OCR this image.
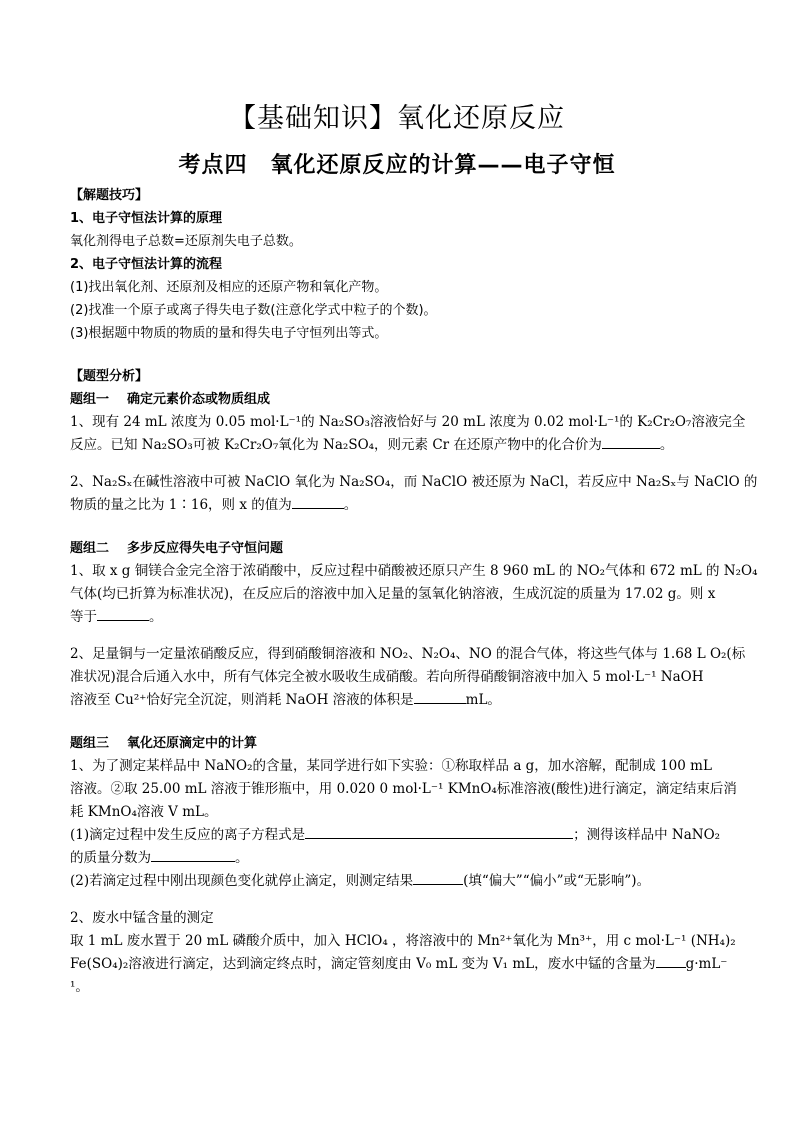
【基础知识】氧化还原反应
考点四　氧化还原反应的计算——电子守恒
【解题技巧】
1、电子守恒法计算的原理
氧化剂得电子总数=还原剂失电子总数。
2、电子守恒法计算的流程
(1)找出氧化剂、还原剂及相应的还原产物和氧化产物。
(2)找准一个原子或离子得失电子数(注意化学式中粒子的个数)。
(3)根据题中物质的物质的量和得失电子守恒列出等式。
【题型分析】
题组一 确定元素价态或物质组成
1、现有 24 mL 浓度为 0.05 mol·L⁻¹的 Na₂SO₃溶液恰好与 20 mL 浓度为 0.02 mol·L⁻¹的 K₂Cr₂O₇溶液完全
反应。已知 Na₂SO₃可被 K₂Cr₂O₇氧化为 Na₂SO₄，则元素 Cr 在还原产物中的化合价为	。
2、Na₂Sₓ在碱性溶液中可被 NaClO 氧化为 Na₂SO₄，而 NaClO 被还原为 NaCl，若反应中 Na₂Sₓ与 NaClO 的
物质的量之比为 1∶16，则 x 的值为	。
题组二 多步反应得失电子守恒问题
1、取 x g 铜镁合金完全溶于浓硝酸中，反应过程中硝酸被还原只产生 8 960 mL 的 NO₂气体和 672 mL 的 N₂O₄
气体(均已折算为标准状况)，在反应后的溶液中加入足量的氢氧化钠溶液，生成沉淀的质量为 17.02 g。则 x
等于	。
2、足量铜与一定量浓硝酸反应，得到硝酸铜溶液和 NO₂、N₂O₄、NO 的混合气体，将这些气体与 1.68 L O₂(标
准状况)混合后通入水中，所有气体完全被水吸收生成硝酸。若向所得硝酸铜溶液中加入 5 mol·L⁻¹ NaOH
溶液至 Cu²⁺恰好完全沉淀，则消耗 NaOH 溶液的体积是	mL。
题组三 氧化还原滴定中的计算
1、为了测定某样品中 NaNO₂的含量，某同学进行如下实验：①称取样品 a g，加水溶解，配制成 100 mL
溶液。②取 25.00 mL 溶液于锥形瓶中，用 0.020 0 mol·L⁻¹ KMnO₄标准溶液(酸性)进行滴定，滴定结束后消
耗 KMnO₄溶液 V mL。
(1)滴定过程中发生反应的离子方程式是	；测得该样品中 NaNO₂
的质量分数为	。
(2)若滴定过程中刚出现颜色变化就停止滴定，则测定结果	(填“偏大”“偏小”或“无影响”)。
2、废水中锰含量的测定
取 1 mL 废水置于 20 mL 磷酸介质中，加入 HClO₄ ，将溶液中的 Mn²⁺氧化为 Mn³⁺，用 c mol·L⁻¹ (NH₄)₂
Fe(SO₄)₂溶液进行滴定，达到滴定终点时，滴定管刻度由 V₀ mL 变为 V₁ mL，废水中锰的含量为 g·mL⁻
¹。
